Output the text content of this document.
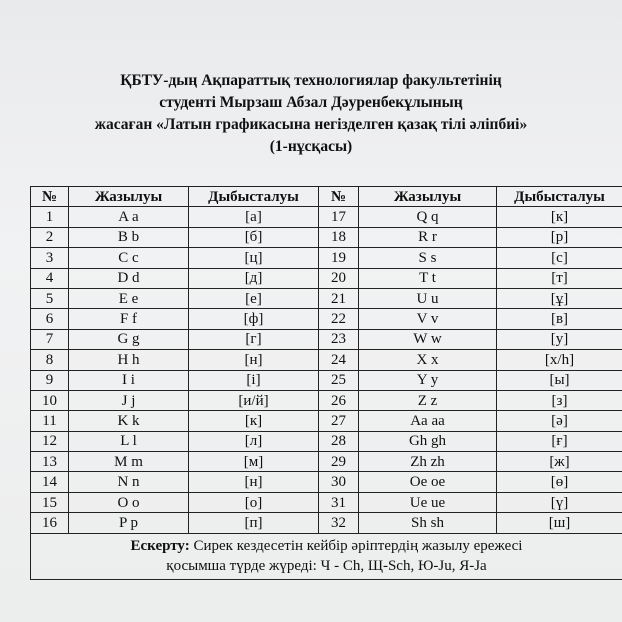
ҚБТУ-дың Ақпараттық технологиялар факультетінің
студенті Мырзаш Абзал Дәуренбекұлының
жасаған «Латын графикасына негізделген қазақ тілі әліпбиі»
(1-нұсқасы)
№	Жазылуы	Дыбысталуы	№	Жазылуы	Дыбысталуы
1	A a	[а]	17	Q q	[к]
2	B b	[б]	18	R r	[р]
3	C c	[ц]	19	S s	[с]
4	D d	[д]	20	T t	[т]
5	E e	[е]	21	U u	[ұ]
6	F f	[ф]	22	V v	[в]
7	G g	[г]	23	W w	[у]
8	H h	[н]	24	X x	[х/h]
9	I i	[і]	25	Y y	[ы]
10	J j	[и/й]	26	Z z	[з]
11	K k	[к]	27	Aa aa	[ә]
12	L l	[л]	28	Gh gh	[ғ]
13	M m	[м]	29	Zh zh	[ж]
14	N n	[н]	30	Oe oe	[ө]
15	O o	[о]	31	Ue ue	[ү]
16	P p	[п]	32	Sh sh	[ш]

Ескерту: Сирек кездесетін кейбір әріптердің жазылу ережесі
қосымша түрде жүреді: Ч - Ch, Щ-Sch, Ю-Ju, Я-Ja					
